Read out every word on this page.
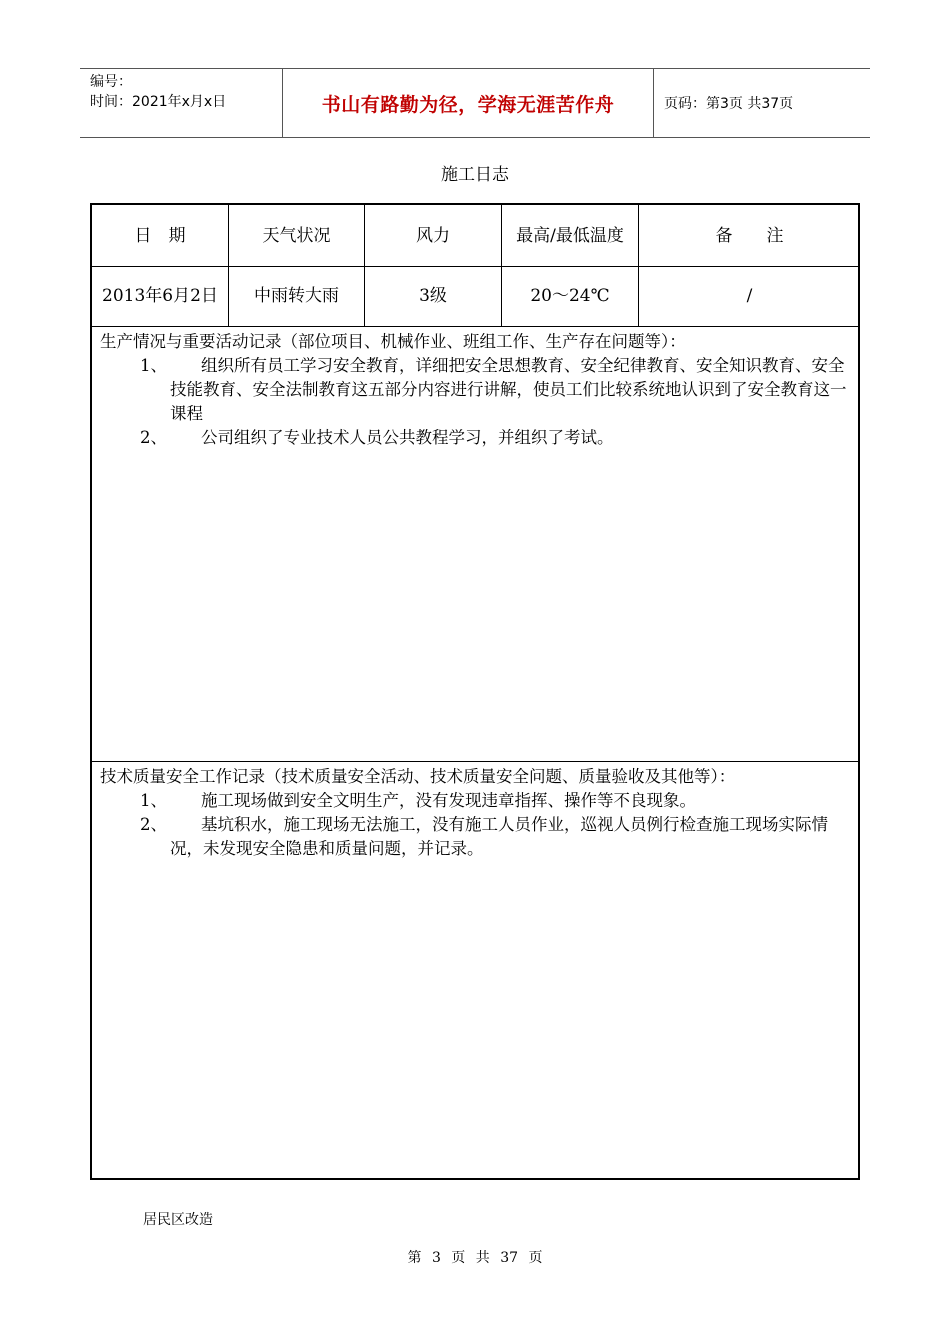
编号：
时间：2021年x月x日	书山有路勤为径，学海无涯苦作舟	页码：第3页 共37页
施工日志
日　期	天气状况	风力	最高/最低温度	备　　注
2013年6月2日	中雨转大雨	3级	20～24℃	/
生产情况与重要活动记录（部位项目、机械作业、班组工作、生产存在问题等）：
1、	组织所有员工学习安全教育，详细把安全思想教育、安全纪律教育、安全知识教育、安全技能教育、安全法制教育这五部分内容进行讲解，使员工们比较系统地认识到了安全教育这一课程
2、	公司组织了专业技术人员公共教程学习，并组织了考试。
技术质量安全工作记录（技术质量安全活动、技术质量安全问题、质量验收及其他等）：
1、	施工现场做到安全文明生产，没有发现违章指挥、操作等不良现象。
2、	基坑积水，施工现场无法施工，没有施工人员作业，巡视人员例行检查施工现场实际情况，未发现安全隐患和质量问题，并记录。
居民区改造
第 3 页 共 37 页
